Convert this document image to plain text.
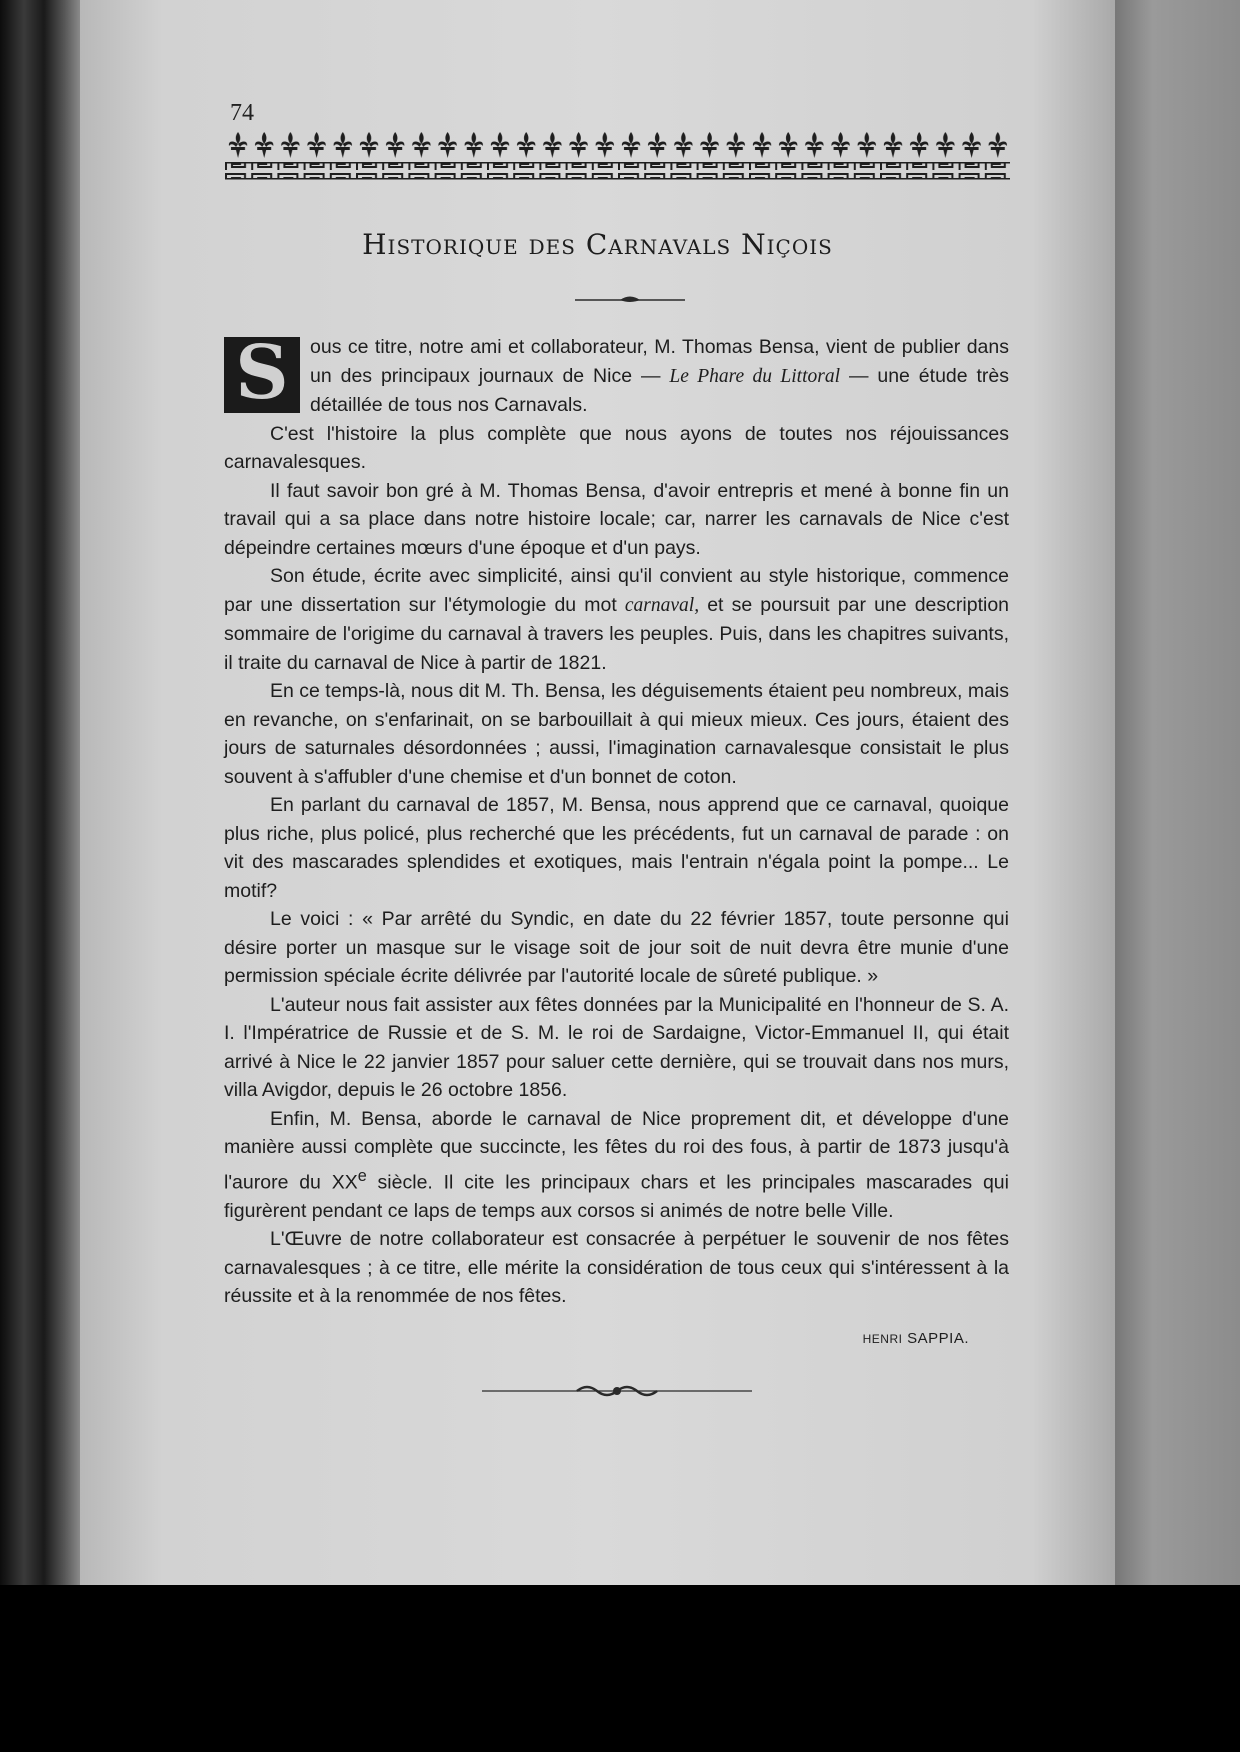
74
Historique des Carnavals Niçois

S	ous ce titre, notre ami et collaborateur, M. Thomas Bensa, vient de publier dans un des principaux journaux de Nice — Le Phare du Littoral — une étude très détaillée de tous nos Carnavals.

C'est l'histoire la plus complète que nous ayons de toutes nos réjouissances carnavalesques.

Il faut savoir bon gré à M. Thomas Bensa, d'avoir entrepris et mené à bonne fin un travail qui a sa place dans notre histoire locale; car, narrer les carnavals de Nice c'est dépeindre certaines mœurs d'une époque et d'un pays.

Son étude, écrite avec simplicité, ainsi qu'il convient au style historique, commence par une dissertation sur l'étymologie du mot carnaval, et se poursuit par une description sommaire de l'origime du carnaval à travers les peuples. Puis, dans les chapitres suivants, il traite du carnaval de Nice à partir de 1821.

En ce temps-là, nous dit M. Th. Bensa, les déguisements étaient peu nombreux, mais en revanche, on s'enfarinait, on se barbouillait à qui mieux mieux. Ces jours, étaient des jours de saturnales désordonnées ; aussi, l'imagination carnavalesque consistait le plus souvent à s'affubler d'une chemise et d'un bonnet de coton.

En parlant du carnaval de 1857, M. Bensa, nous apprend que ce carnaval, quoique plus riche, plus policé, plus recherché que les précédents, fut un carnaval de parade : on vit des mascarades splendides et exotiques, mais l'entrain n'égala point la pompe... Le motif?

Le voici : « Par arrêté du Syndic, en date du 22 février 1857, toute personne qui désire porter un masque sur le visage soit de jour soit de nuit devra être munie d'une permission spéciale écrite délivrée par l'autorité locale de sûreté publique. »

L'auteur nous fait assister aux fêtes données par la Municipalité en l'honneur de S. A. I. l'Impératrice de Russie et de S. M. le roi de Sardaigne, Victor-Emmanuel II, qui était arrivé à Nice le 22 janvier 1857 pour saluer cette dernière, qui se trouvait dans nos murs, villa Avigdor, depuis le 26 octobre 1856.

Enfin, M. Bensa, aborde le carnaval de Nice proprement dit, et développe d'une manière aussi complète que succincte, les fêtes du roi des fous, à partir de 1873 jusqu'à l'aurore du XXe siècle. Il cite les principaux chars et les principales mascarades qui figurèrent pendant ce laps de temps aux corsos si animés de notre belle Ville.

L'Œuvre de notre collaborateur est consacrée à perpétuer le souvenir de nos fêtes carnavalesques ; à ce titre, elle mérite la considération de tous ceux qui s'intéressent à la réussite et à la renommée de nos fêtes.

HENRI SAPPIA.
